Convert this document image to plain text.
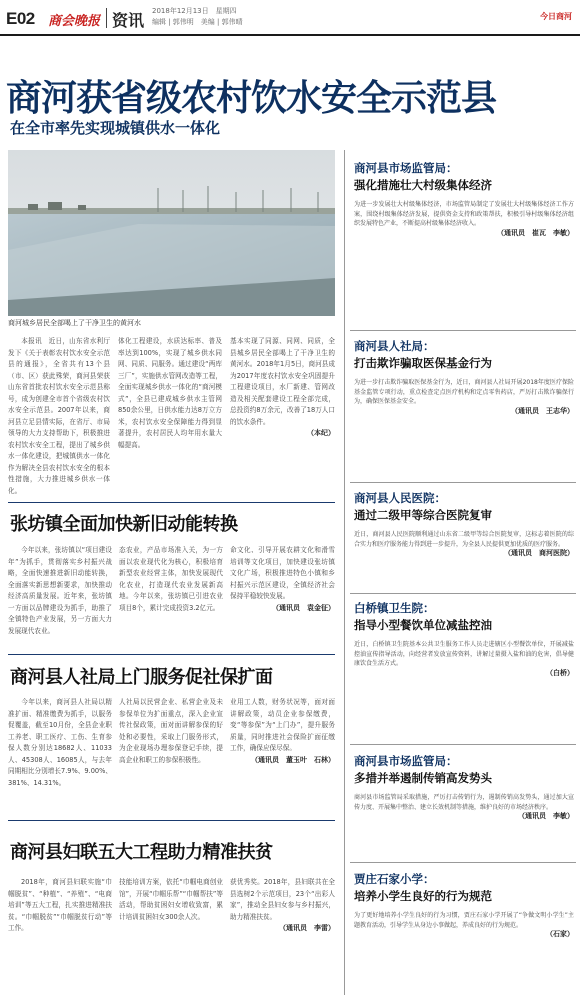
E02 商会晚报 资讯 2018年12月13日　星期四
编辑 | 郭伟明　美编 | 郭伟晴
今日商河
商河获省级农村饮水安全示范县
在全市率先实现城镇供水一体化
商河城乡居民全部喝上了干净卫生的黄河水
本报讯　近日，山东省水利厅发下《关于表彰农村饮水安全示范县的通报》，全省共有13个县（市、区）获此殊荣，商河县荣获山东省首批农村饮水安全示范县称号，成为创建全市首个省级农村饮水安全示范县。2007年以来，商河县立足县情实际，在省厅、市局领导的大力支持帮助下，积极推进农村饮水安全工程，提出了城乡供水一体化建设，把城镇供水一体化作为解决全县农村饮水安全的根本性措施，大力推进城乡供水一体化。
体化工程建设，水质达标率、普及率达到100%，实现了城乡供水同网、同质、同服务。通过建设“两库三厂”，实施供水管网改造等工程，全面实现城乡供水一体化的“商河模式”，全县已建成城乡供水主管网850余公里，日供水能力达8万立方米，农村饮水安全保障能力得到显著提升，农村居民人均年用水量大幅提高。
基本实现了同源、同网、同质，全县城乡居民全部喝上了干净卫生的黄河水。2018年1月5日，商河县成为2017年度农村饮水安全巩固提升工程建设项目，水厂新建、管网改造及相关配套建设工程全部完成，总投资约8万余元，改善了18万人口的饮水条件。

（本纪）
张坊镇全面加快新旧动能转换
今年以来，张坊镇以“项目建设年”为抓手，贯彻落实乡村振兴战略，全面快速推进新旧动能转换，全面落实新思想新要求，加快推动经济高质量发展。近年来，张坊镇一方面以品牌建设为抓手，助推了全镇特色产业发展，另一方面大力发展现代农业。
态农业，产品市场准入关，为一方面以农业现代化为核心，积极培育新型农业经营主体，加快发展现代化农业，打造现代农业发展新高地。今年以来，张坊镇已引进农业项目8个，累计完成投资3.2亿元。
命文化、引导开展农耕文化和滑雪培训等文化项目，加快建设张坊镇文化广场，积极推进特色小镇和乡村振兴示范区建设，全镇经济社会保持平稳较快发展。

（通讯员　袁金征）
商河县人社局上门服务促社保扩面
今年以来，商河县人社局以精准扩面、精准缴费为抓手，以服务促覆盖，截至10月份，全县企业职工养老、职工医疗、工伤、生育参保人数分别达18682人、11033人、45308人、16085人，与去年同期相比分别增长7.9%、9.00%、381%、14.31%。
人社局以民营企业、私营企业及未参保单位为扩面重点，深入企业宣传社保政策，面对面讲解参保的好处和必要性，采取上门服务形式，为企业现场办理参保登记手续，提高企业和职工的参保积极性。
业用工人数，财务状况等，面对面讲解政策，动员企业参保缴费，变“等参保”为“上门办”，提升服务质量，同时推进社会保险扩面征缴工作，确保应保尽保。

（通讯员　董玉叶　石林）
商河县妇联五大工程助力精准扶贫
2018年，商河县妇联实施“巾帼脱贫”、“种植”、“养殖”、“电商培训”等五大工程，扎实推进精准扶贫。“巾帼脱贫”“巾帼脱贫行动”等工作。
技能培训方案，依托“巾帼电商创业馆”，开展“巾帼乐帮”“巾帼帮扶”等活动，帮助贫困妇女增收致富，累计培训贫困妇女300余人次。
获优秀奖。2018年，县妇联共在全县选树2个示范项目，23个“出彩人家”，推动全县妇女参与乡村振兴，助力精准扶贫。

（通讯员　李雷）
商河县市场监管局：
强化措施壮大村级集体经济
为进一步发展壮大村级集体经济，市场监管局制定了发展壮大村级集体经济工作方案，围绕村级集体经济发展，提供资金支持和政策帮扶，积极引导村级集体经济组织发展特色产业，不断提高村级集体经济收入。

（通讯员　崔瓦　李敏）
商河县人社局：
打击欺诈骗取医保基金行为
为进一步打击欺诈骗取医保基金行为，近日，商河县人社局开展2018年度医疗保险基金监管专项行动，重点检查定点医疗机构和定点零售药店，严厉打击欺诈骗保行为，确保医保基金安全。

（通讯员　王志华）
商河县人民医院：
通过二级甲等综合医院复审
近日，商河县人民医院顺利通过山东省二级甲等综合医院复审，这标志着医院的综合实力和医疗服务能力得到进一步提升，为全县人民提供更加优质的医疗服务。

（通讯员　商河医院）
白桥镇卫生院：
指导小型餐饮单位减盐控油
近日，白桥镇卫生院基本公共卫生服务工作人员走进辖区小型餐饮单位，开展减盐控油宣传指导活动，向经营者发放宣传资料，讲解过量摄入盐和油的危害，倡导健康饮食生活方式。

（白桥）
商河县市场监管局：
多措并举遏制传销高发势头
商河县市场监管局采取措施，严厉打击传销行为，遏制传销高发势头，通过加大宣传力度、开展集中整治、建立长效机制等措施，维护良好的市场经济秩序。

（通讯员　李敏）
贾庄石家小学：
培养小学生良好的行为规范
为了更好地培养小学生良好的行为习惯，贾庄石家小学开展了“争做文明小学生”主题教育活动，引导学生从身边小事做起，养成良好的行为规范。

（石家）
